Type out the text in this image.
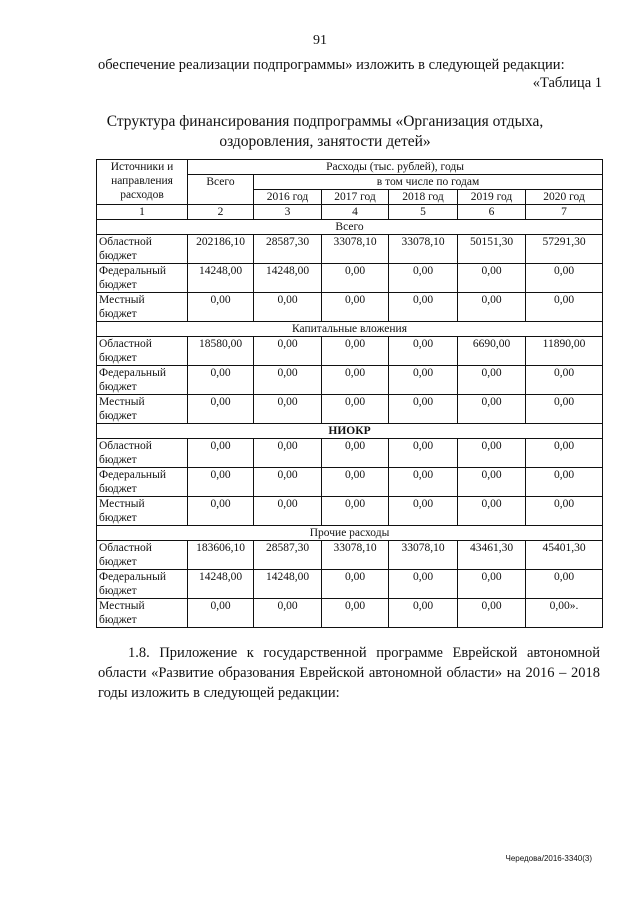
91
обеспечение реализации подпрограммы» изложить в следующей редакции:
«Таблица 1
Структура финансирования подпрограммы «Организация отдыха,
оздоровления, занятости детей»
Источники и направления расходов	Расходы (тыс. рублей), годы					
	Всего	в том числе по годам				
		2016 год	2017 год	2018 год	2019 год	2020 год
1	2	3	4	5	6	7
Всего						
Областной бюджет	202186,10	28587,30	33078,10	33078,10	50151,30	57291,30
Федеральный бюджет	14248,00	14248,00	0,00	0,00	0,00	0,00
Местный бюджет	0,00	0,00	0,00	0,00	0,00	0,00
Капитальные вложения						
Областной бюджет	18580,00	0,00	0,00	0,00	6690,00	11890,00
Федеральный бюджет	0,00	0,00	0,00	0,00	0,00	0,00
Местный бюджет	0,00	0,00	0,00	0,00	0,00	0,00
НИОКР						
Областной бюджет	0,00	0,00	0,00	0,00	0,00	0,00
Федеральный бюджет	0,00	0,00	0,00	0,00	0,00	0,00
Местный бюджет	0,00	0,00	0,00	0,00	0,00	0,00
Прочие расходы						
Областной бюджет	183606,10	28587,30	33078,10	33078,10	43461,30	45401,30
Федеральный бюджет	14248,00	14248,00	0,00	0,00	0,00	0,00
Местный бюджет	0,00	0,00	0,00	0,00	0,00	0,00».
1.8. Приложение к государственной программе Еврейской автономной области «Развитие образования Еврейской автономной области» на 2016 – 2018 годы изложить в следующей редакции:
Чередова/2016-3340(3)
